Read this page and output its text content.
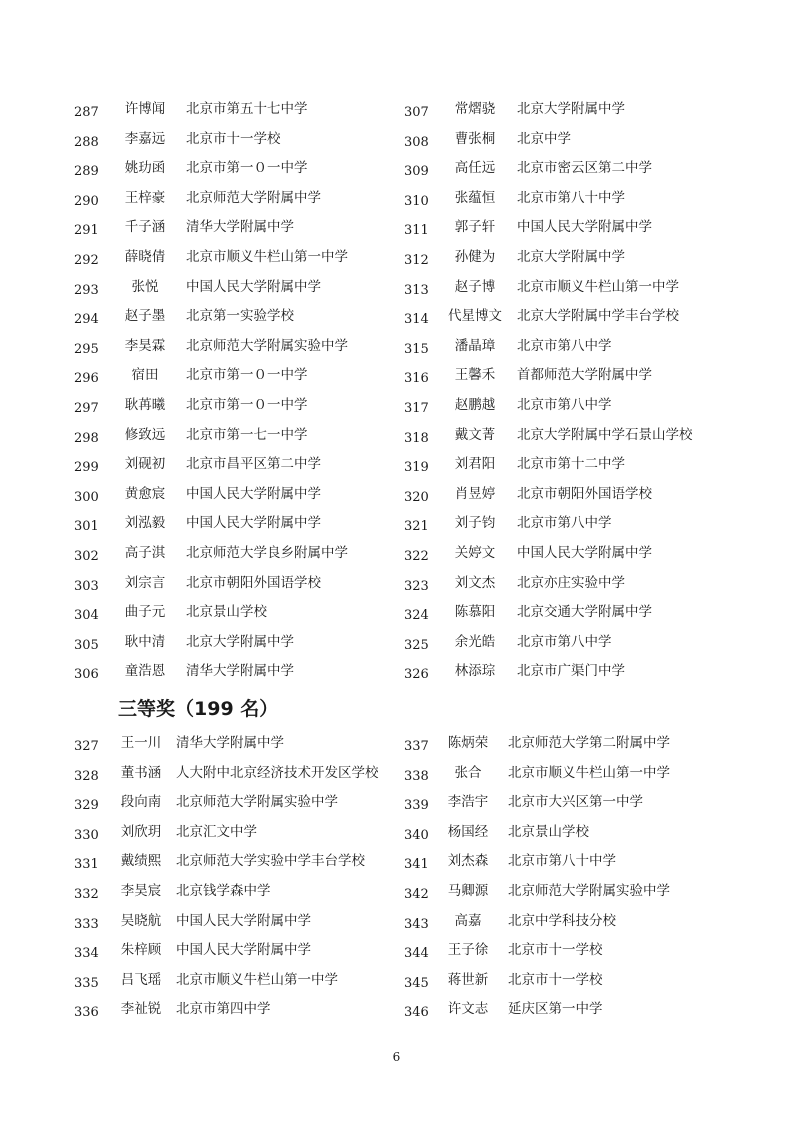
287	许博闻	北京市第五十七中学	307	常熠骁	北京大学附属中学
288	李嘉远	北京市十一学校	308	曹张桐	北京中学
289	姚玏函	北京市第一０一中学	309	高任远	北京市密云区第二中学
290	王梓豪	北京师范大学附属中学	310	张蕴恒	北京市第八十中学
291	千子涵	清华大学附属中学	311	郭子轩	中国人民大学附属中学
292	薛晓倩	北京市顺义牛栏山第一中学	312	孙健为	北京大学附属中学
293	张悦	中国人民大学附属中学	313	赵子博	北京市顺义牛栏山第一中学
294	赵子墨	北京第一实验学校	314 代星博文 北京大学附属中学丰台学校
295	李昊霖	北京师范大学附属实验中学	315	潘晶璋	北京市第八中学
296	宿田	北京市第一０一中学	316	王馨禾	首都师范大学附属中学
297	耿苒曦	北京市第一０一中学	317	赵鹏越	北京市第八中学
298	修致远	北京市第一七一中学	318	戴文菁	北京大学附属中学石景山学校
299	刘砚初	北京市昌平区第二中学	319	刘君阳	北京市第十二中学
300	黄愈宸	中国人民大学附属中学	320	肖昱婷	北京市朝阳外国语学校
301	刘泓毅	中国人民大学附属中学	321	刘子钧	北京市第八中学
302	高子淇	北京师范大学良乡附属中学	322	关婷文	中国人民大学附属中学
303	刘宗言	北京市朝阳外国语学校	323	刘文杰	北京亦庄实验中学
304	曲子元	北京景山学校	324	陈慕阳	北京交通大学附属中学
305	耿中清	北京大学附属中学	325	余光皓	北京市第八中学
306	童浩恩	清华大学附属中学	326	林添琮	北京市广渠门中学
三等奖（199 名）
327	王一川	清华大学附属中学	337	陈炳荣	北京师范大学第二附属中学
328	董书涵	人大附中北京经济技术开发区学校 338	张合	北京市顺义牛栏山第一中学
329	段向南	北京师范大学附属实验中学	339	李浩宇	北京市大兴区第一中学
330	刘欣玥	北京汇文中学	340	杨国经	北京景山学校
331	戴绩熙	北京师范大学实验中学丰台学校	341	刘杰森	北京市第八十中学
332	李昊宸	北京钱学森中学	342	马卿源	北京师范大学附属实验中学
333	吴晓航	中国人民大学附属中学	343	高嘉	北京中学科技分校
334	朱梓顾	中国人民大学附属中学	344	王子徐	北京市十一学校
335	吕飞瑶	北京市顺义牛栏山第一中学	345	蒋世新	北京市十一学校
336	李祉锐	北京市第四中学	346	许文志	延庆区第一中学
6
